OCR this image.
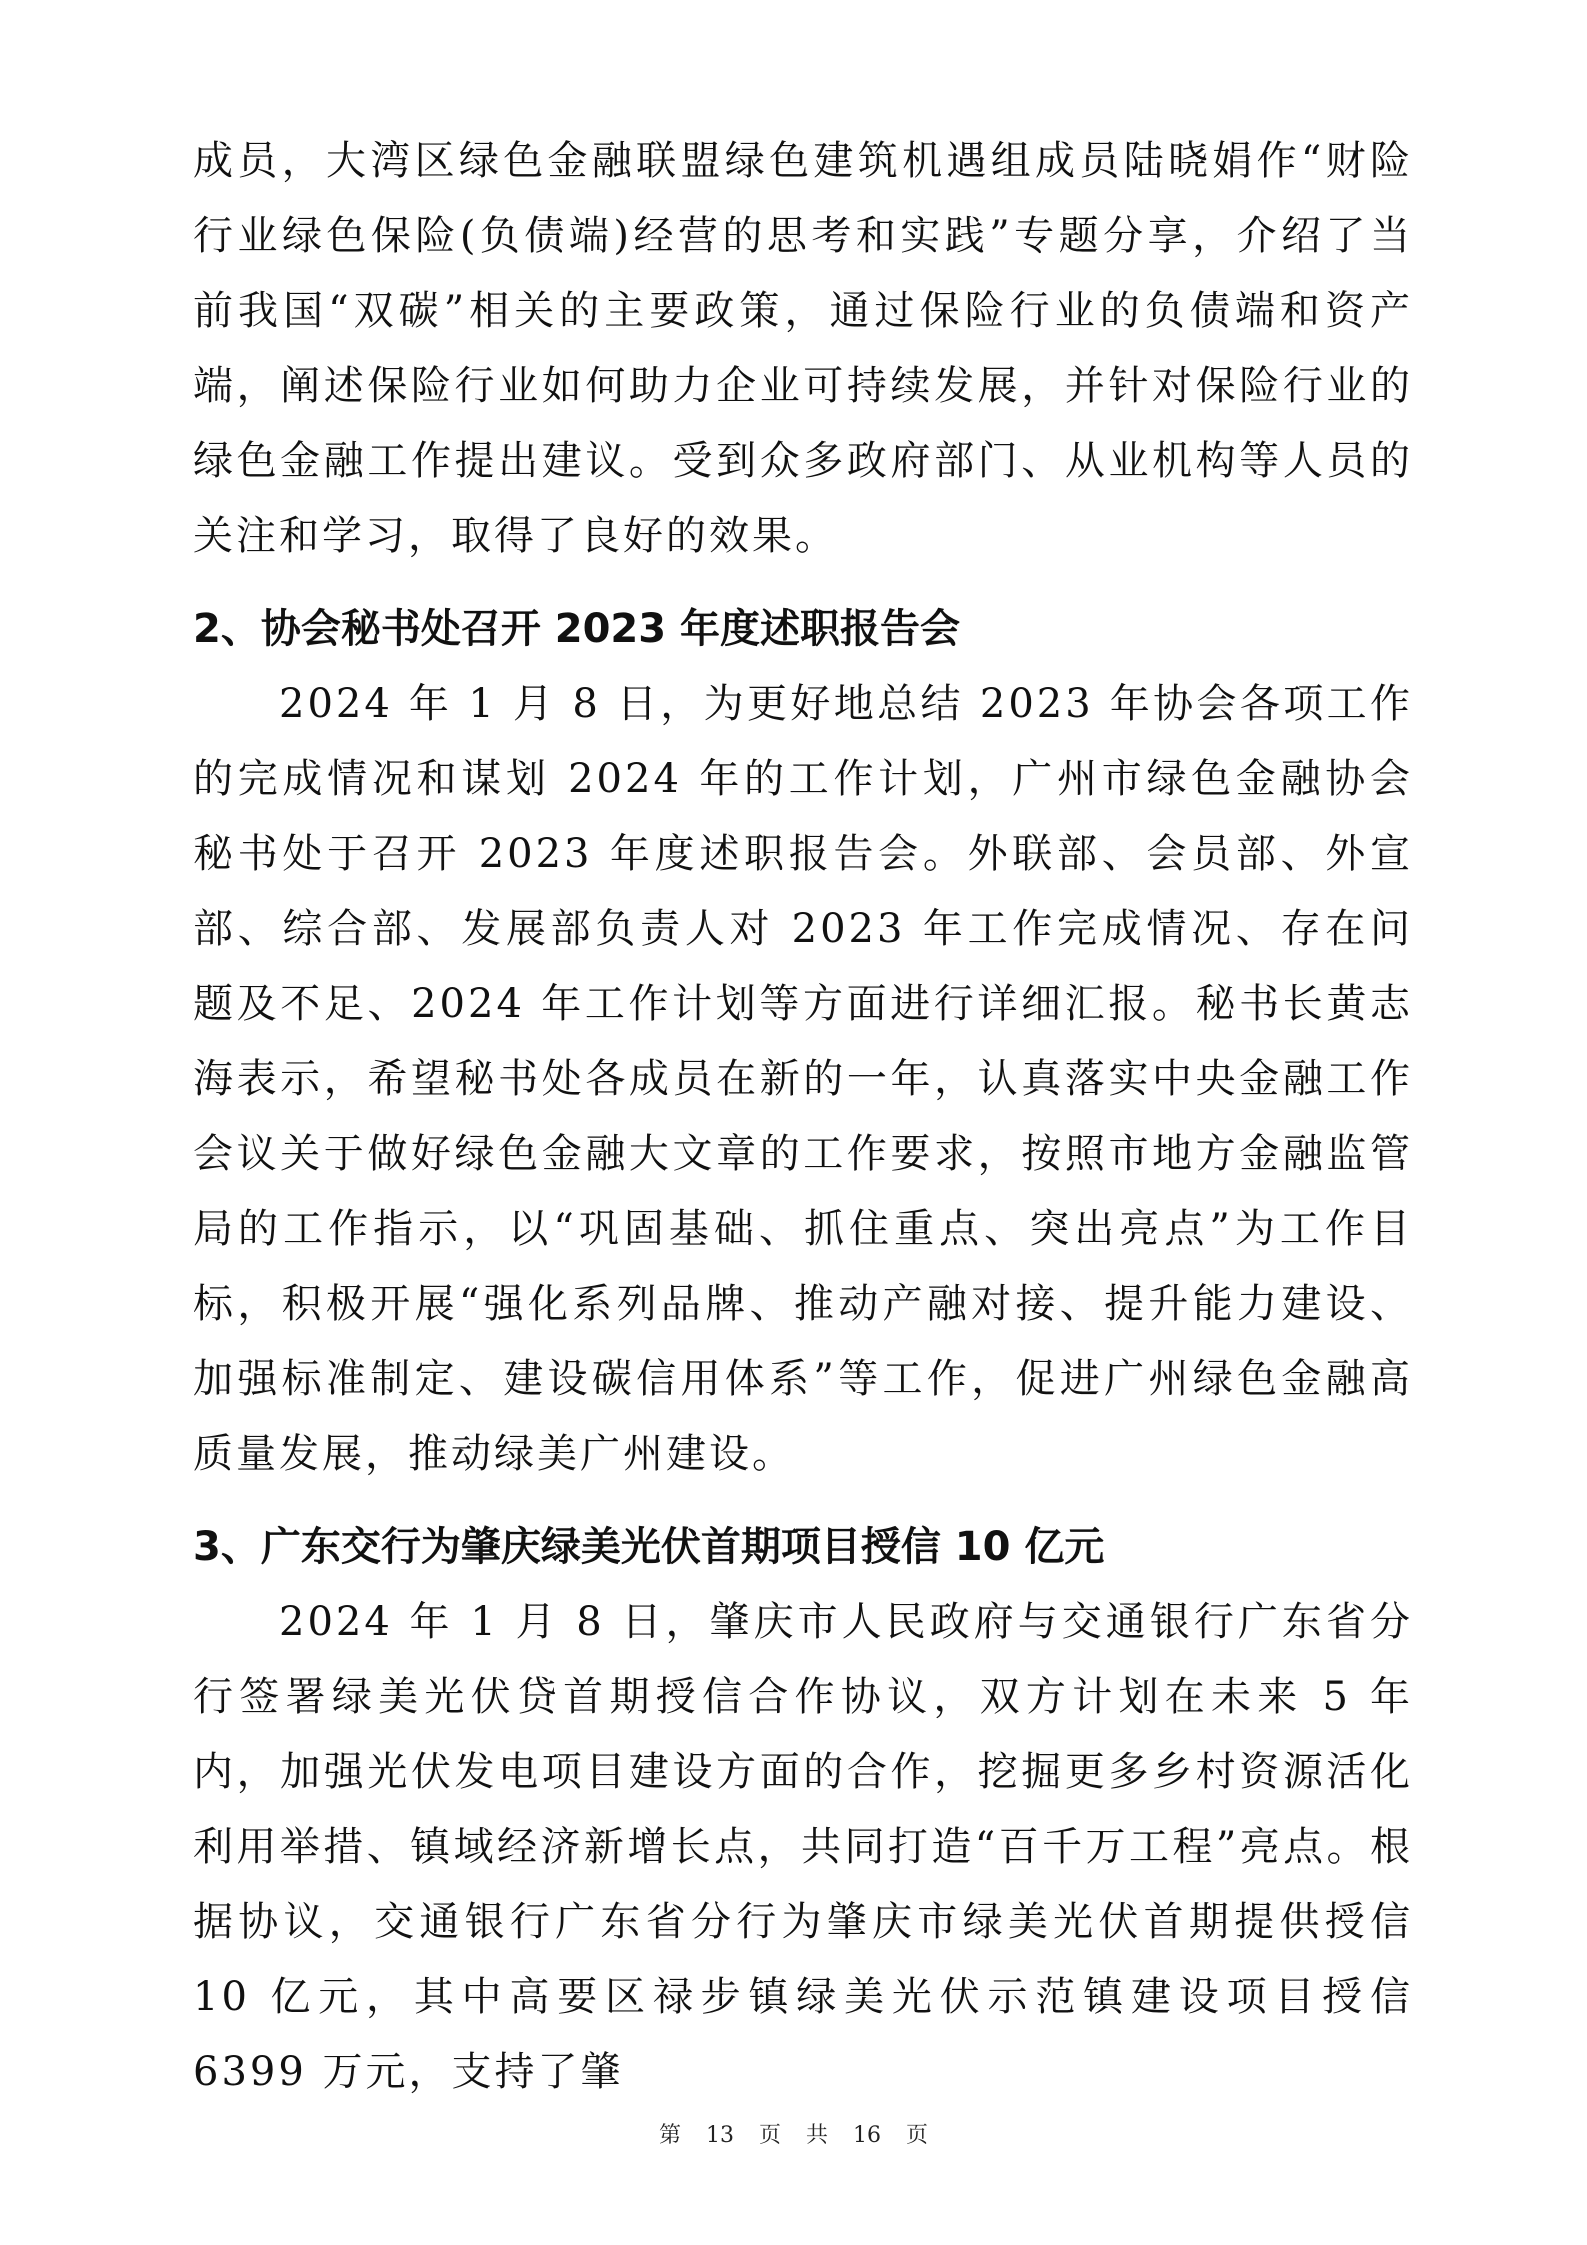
成员，大湾区绿色金融联盟绿色建筑机遇组成员陆晓娟作“财险行业绿色保险(负债端)经营的思考和实践”专题分享，介绍了当前我国“双碳”相关的主要政策，通过保险行业的负债端和资产端，阐述保险行业如何助力企业可持续发展，并针对保险行业的绿色金融工作提出建议。受到众多政府部门、从业机构等人员的关注和学习，取得了良好的效果。

2、协会秘书处召开 2023 年度述职报告会

2024 年 1 月 8 日，为更好地总结 2023 年协会各项工作的完成情况和谋划 2024 年的工作计划，广州市绿色金融协会秘书处于召开 2023 年度述职报告会。外联部、会员部、外宣部、综合部、发展部负责人对 2023 年工作完成情况、存在问题及不足、2024 年工作计划等方面进行详细汇报。秘书长黄志海表示，希望秘书处各成员在新的一年，认真落实中央金融工作会议关于做好绿色金融大文章的工作要求，按照市地方金融监管局的工作指示，以“巩固基础、抓住重点、突出亮点”为工作目标，积极开展“强化系列品牌、推动产融对接、提升能力建设、加强标准制定、建设碳信用体系”等工作，促进广州绿色金融高质量发展，推动绿美广州建设。

3、广东交行为肇庆绿美光伏首期项目授信 10 亿元

2024 年 1 月 8 日，肇庆市人民政府与交通银行广东省分行签署绿美光伏贷首期授信合作协议，双方计划在未来 5 年内，加强光伏发电项目建设方面的合作，挖掘更多乡村资源活化利用举措、镇域经济新增长点，共同打造“百千万工程”亮点。根据协议，交通银行广东省分行为肇庆市绿美光伏首期提供授信 10 亿元，其中高要区禄步镇绿美光伏示范镇建设项目授信 6399 万元，支持了肇

第 13 页 共 16 页
